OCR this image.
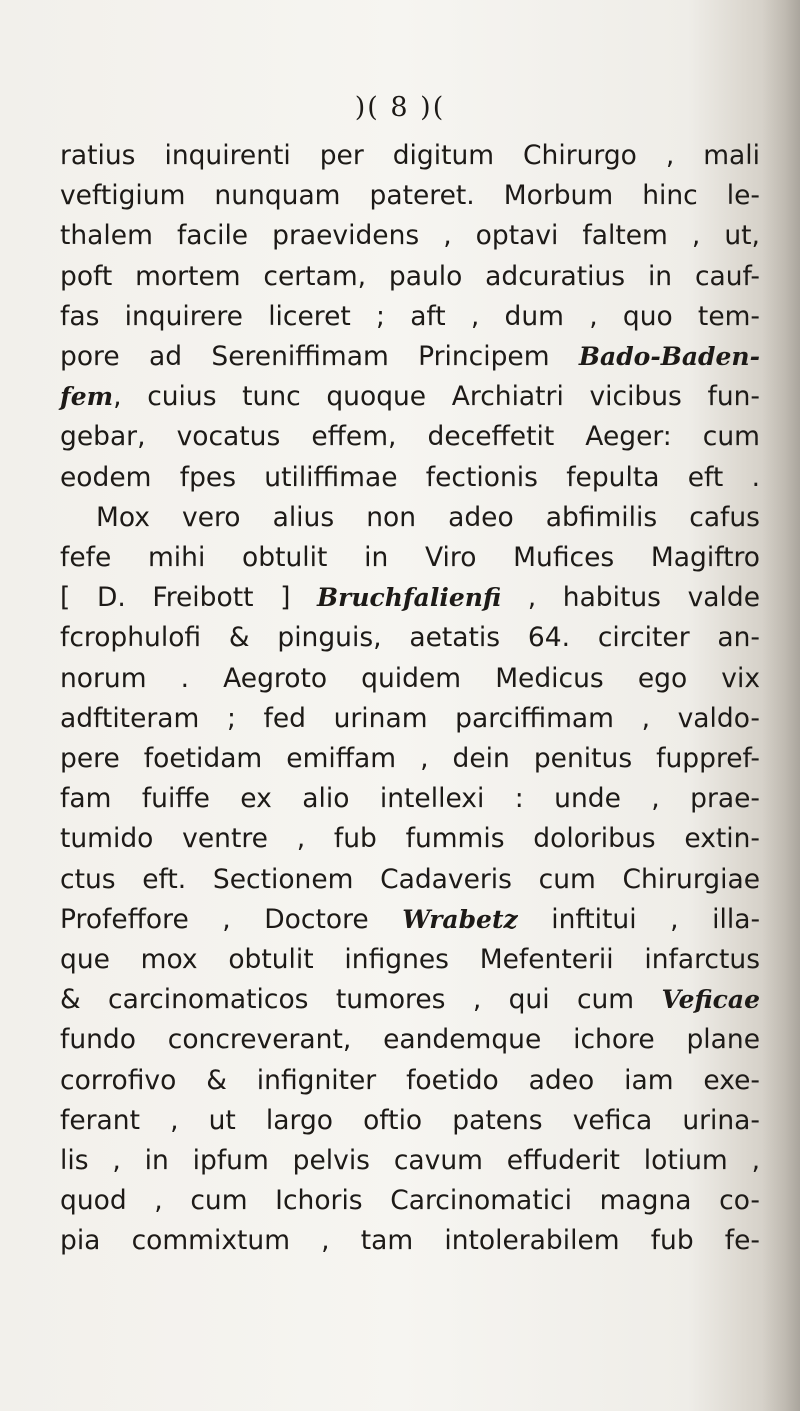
)( 8 )(
ratius inquirenti per digitum Chirurgo , mali
veftigium nunquam pateret. Morbum hinc le-
thalem facile praevidens , optavi faltem , ut,
poft mortem certam, paulo adcuratius in cauf-
fas inquirere liceret ; aft , dum , quo tem-
pore ad Sereniffimam Principem Bado-Baden-
fem, cuius tunc quoque Archiatri vicibus fun-
gebar, vocatus effem, deceffetit Aeger: cum
eodem fpes utiliffimae fectionis fepulta eft .
Mox vero alius non adeo abfimilis cafus
fefe mihi obtulit in Viro Mufices Magiftro
[ D. Freibott ] Bruchfalienfi , habitus valde
fcrophulofi & pinguis, aetatis 64. circiter an-
norum . Aegroto quidem Medicus ego vix
adftiteram ; fed urinam parciffimam , valdo-
pere foetidam emiffam , dein penitus fuppref-
fam fuiffe ex alio intellexi : unde , prae-
tumido ventre , fub fummis doloribus extin-
ctus eft. Sectionem Cadaveris cum Chirurgiae
Profeffore , Doctore Wrabetz inftitui , illa-
que mox obtulit infignes Mefenterii infarctus
& carcinomaticos tumores , qui cum Veficae
fundo concreverant, eandemque ichore plane
corrofivo & infigniter foetido adeo iam exe-
ferant , ut largo oftio patens vefica urina-
lis , in ipfum pelvis cavum effuderit lotium ,
quod , cum Ichoris Carcinomatici magna co-
pia commixtum , tam intolerabilem fub fe-
